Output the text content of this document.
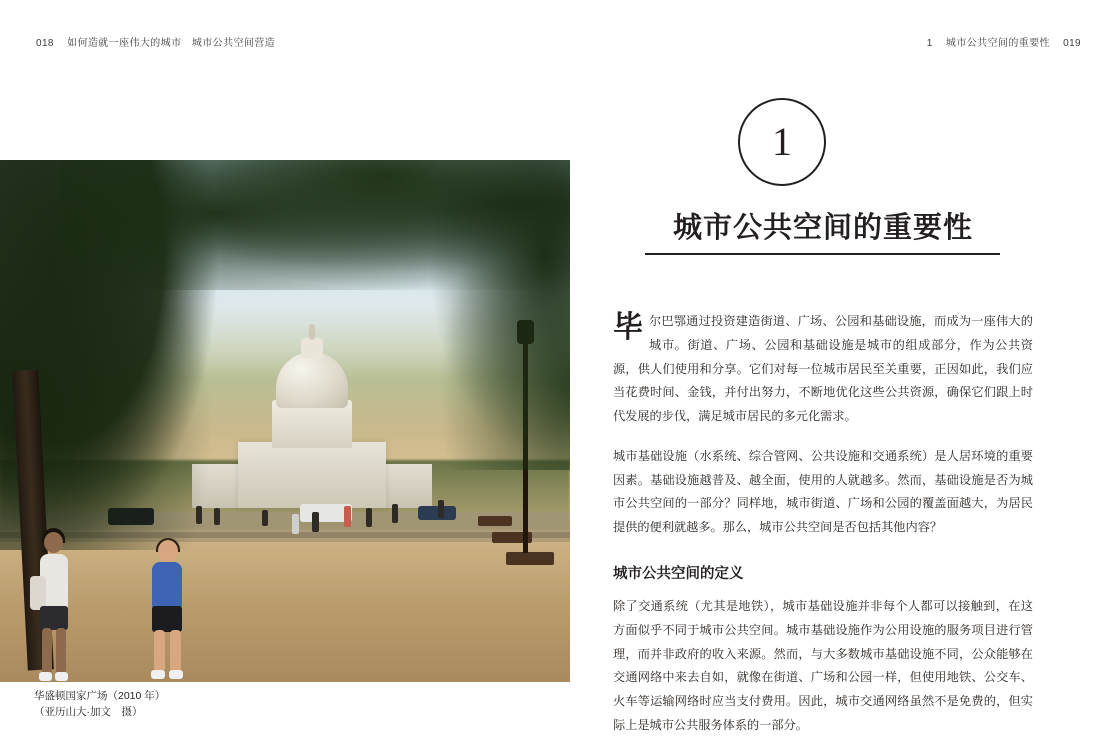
018 如何造就一座伟大的城市　城市公共空间营造	1 城市公共空间的重要性 019
华盛顿国家广场（2010 年）
（亚历山大·加文　摄）
1
城市公共空间的重要性

毕 尔巴鄂通过投资建造街道、广场、公园和基础设施，而成为一座伟大的城市。街道、广场、公园和基础设施是城市的组成部分，作为公共资源，供人们使用和分享。它们对每一位城市居民至关重要，正因如此，我们应当花费时间、金钱，并付出努力，不断地优化这些公共资源，确保它们跟上时代发展的步伐，满足城市居民的多元化需求。

城市基础设施（水系统、综合管网、公共设施和交通系统）是人居环境的重要因素。基础设施越普及、越全面，使用的人就越多。然而，基础设施是否为城市公共空间的一部分？同样地，城市街道、广场和公园的覆盖面越大，为居民提供的便利就越多。那么，城市公共空间是否包括其他内容？

城市公共空间的定义

除了交通系统（尤其是地铁），城市基础设施并非每个人都可以接触到，在这方面似乎不同于城市公共空间。城市基础设施作为公用设施的服务项目进行管理，而并非政府的收入来源。然而，与大多数城市基础设施不同，公众能够在交通网络中来去自如，就像在街道、广场和公园一样，但使用地铁、公交车、火车等运输网络时应当支付费用。因此，城市交通网络虽然不是免费的，但实际上是城市公共服务体系的一部分。
